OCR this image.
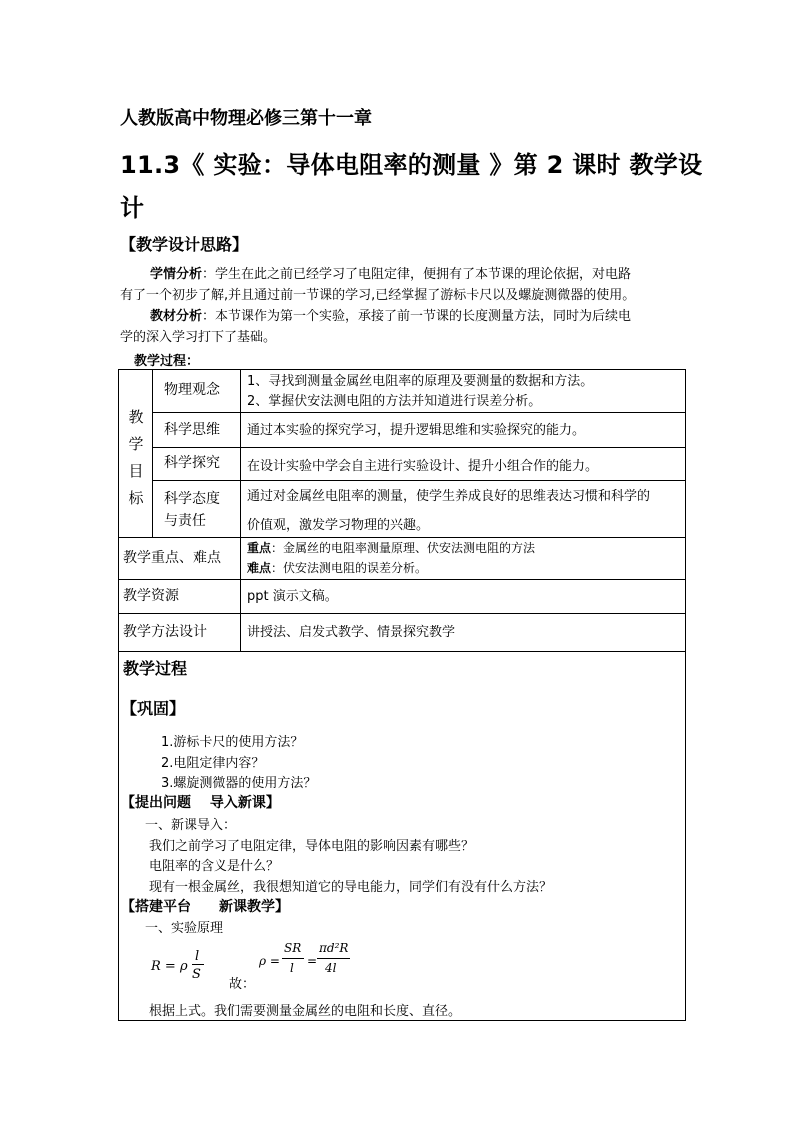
人教版高中物理必修三第十一章
11.3《 实验：导体电阻率的测量 》第 2 课时 教学设
计
【教学设计思路】
学情分析：学生在此之前已经学习了电阻定律，便拥有了本节课的理论依据，对电路
有了一个初步了解,并且通过前一节课的学习,已经掌握了游标卡尺以及螺旋测微器的使用。
教材分析：本节课作为第一个实验，承接了前一节课的长度测量方法，同时为后续电
学的深入学习打下了基础。
教学过程：
教
学
目
标
物理观念
1、寻找到测量金属丝电阻率的原理及要测量的数据和方法。
2、掌握伏安法测电阻的方法并知道进行误差分析。
科学思维 通过本实验的探究学习，提升逻辑思维和实验探究的能力。
科学探究 在设计实验中学会自主进行实验设计、提升小组合作的能力。
科学态度
与责任
通过对金属丝电阻率的测量，使学生养成良好的思维表达习惯和科学的
价值观，激发学习物理的兴趣。
教学重点、难点
重点：金属丝的电阻率测量原理、伏安法测电阻的方法
难点：伏安法测电阻的误差分析。
教学资源	ppt 演示文稿。
教学方法设计	讲授法、启发式教学、情景探究教学
教学过程
【巩固】
1.游标卡尺的使用方法？
2.电阻定律内容？
3.螺旋测微器的使用方法？
【提出问题　 导入新课】
一、新课导入：
我们之前学习了电阻定律，导体电阻的影响因素有哪些？
电阻率的含义是什么？
现有一根金属丝，我很想知道它的导电能力，同学们有没有什么方法？
【搭建平台　　新课教学】
一、实验原理
R = ρ
l
S
故：
ρ =
SR
l =
πd²R
4l
根据上式。我们需要测量金属丝的电阻和长度、直径。
